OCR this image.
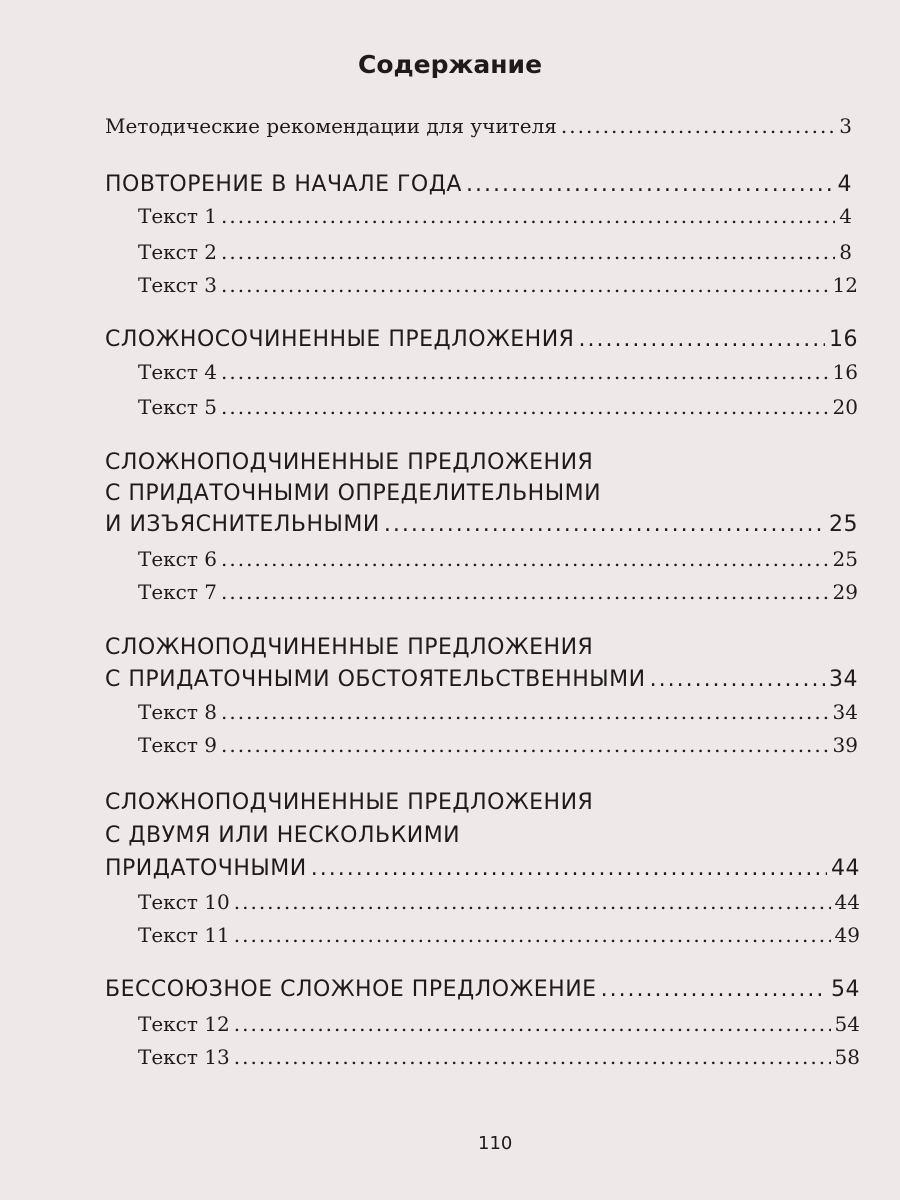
Содержание
Методические рекомендации для учителя .....	3
ПОВТОРЕНИЕ В НАЧАЛЕ ГОДА .....	4
Текст 1 .....	4
Текст 2 .....	8
Текст 3 .....	12
СЛОЖНОСОЧИНЕННЫЕ ПРЕДЛОЖЕНИЯ .....	16
Текст 4 .....	16
Текст 5 .....	20
СЛОЖНОПОДЧИНЕННЫЕ ПРЕДЛОЖЕНИЯ
С ПРИДАТОЧНЫМИ ОПРЕДЕЛИТЕЛЬНЫМИ
И ИЗЪЯСНИТЕЛЬНЫМИ .....	25
Текст 6 .....	25
Текст 7 .....	29
СЛОЖНОПОДЧИНЕННЫЕ ПРЕДЛОЖЕНИЯ
С ПРИДАТОЧНЫМИ ОБСТОЯТЕЛЬСТВЕННЫМИ .....	34
Текст 8 .....	34
Текст 9 .....	39
СЛОЖНОПОДЧИНЕННЫЕ ПРЕДЛОЖЕНИЯ
С ДВУМЯ ИЛИ НЕСКОЛЬКИМИ
ПРИДАТОЧНЫМИ .....	44
Текст 10 .....	44
Текст 11 .....	49
БЕССОЮЗНОЕ СЛОЖНОЕ ПРЕДЛОЖЕНИЕ .....	54
Текст 12 .....	54
Текст 13 .....	58
110
